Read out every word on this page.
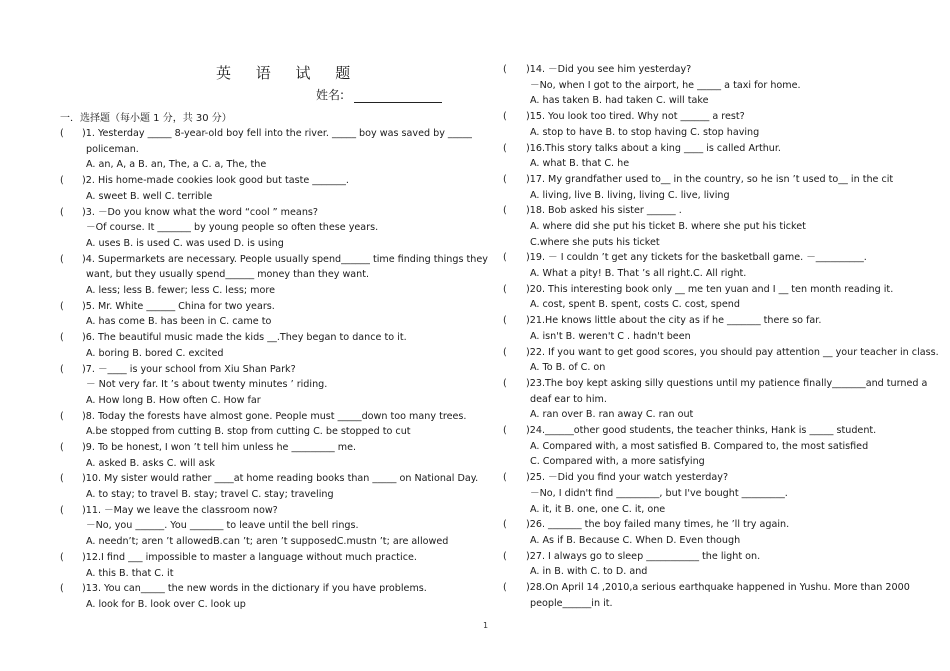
英 语 试 题
姓名:
一．选择题（每小题 1 分，共 30 分）
( )1. Yesterday _____ 8-year-old boy fell into the river. _____ boy was saved by _____
policeman.
A. an, A, a B. an, The, a C. a, The, the
( )2. His home-made cookies look good but taste _______.
A. sweet B. well C. terrible
( )3. －Do you know what the word “cool ” means?
－Of course. It _______ by young people so often these years.
A. uses B. is used C. was used D. is using
( )4. Supermarkets are necessary. People usually spend______ time finding things they
want, but they usually spend______ money than they want.
A. less; less B. fewer; less C. less; more
( )5. Mr. White ______ China for two years.
A. has come B. has been in C. came to
( )6. The beautiful music made the kids __.They began to dance to it.
A. boring B. bored C. excited
( )7. －____ is your school from Xiu Shan Park?
－ Not very far. It ’s about twenty minutes ’ riding.
A. How long B. How often C. How far
( )8. Today the forests have almost gone. People must _____down too many trees.
A.be stopped from cutting B. stop from cutting C. be stopped to cut
( )9. To be honest, I won ’t tell him unless he _________ me.
A. asked B. asks C. will ask
( )10. My sister would rather ____at home reading books than _____ on National Day.
A. to stay; to travel B. stay; travel C. stay; traveling
( )11. －May we leave the classroom now?
－No, you ______. You _______ to leave until the bell rings.
A. needn’t; aren ’t allowedB.can ’t; aren ’t supposedC.mustn ’t; are allowed
( )12.I find ___ impossible to master a language without much practice.
A. this B. that C. it
( )13. You can_____ the new words in the dictionary if you have problems.
A. look for B. look over C. look up
( )14. －Did you see him yesterday?
－No, when I got to the airport, he _____ a taxi for home.
A. has taken B. had taken C. will take
( )15. You look too tired. Why not ______ a rest?
A. stop to have B. to stop having C. stop having
( )16.This story talks about a king ____ is called Arthur.
A. what B. that C. he
( )17. My grandfather used to__ in the country, so he isn ’t used to__ in the cit
A. living, live B. living, living C. live, living
( )18. Bob asked his sister ______ .
A. where did she put his ticket B. where she put his ticket
C.where she puts his ticket
( )19. － I couldn ’t get any tickets for the basketball game. －__________.
A. What a pity! B. That ’s all right.C. All right.
( )20. This interesting book only __ me ten yuan and I __ ten month reading it.
A. cost, spent B. spent, costs C. cost, spend
( )21.He knows little about the city as if he _______ there so far.
A. isn't B. weren't C . hadn't been
( )22. If you want to get good scores, you should pay attention __ your teacher in class.
A. To B. of C. on
( )23.The boy kept asking silly questions until my patience finally_______and turned a
deaf ear to him.
A. ran over B. ran away C. ran out
( )24.______other good students, the teacher thinks, Hank is _____ student.
A. Compared with, a most satisfied B. Compared to, the most satisfied
C. Compared with, a more satisfying
( )25. －Did you find your watch yesterday?
－No, I didn't find _________, but I've bought _________.
A. it, it B. one, one C. it, one
( )26. _______ the boy failed many times, he ’ll try again.
A. As if B. Because C. When D. Even though
( )27. I always go to sleep ___________ the light on.
A. in B. with C. to D. and
( )28.On April 14 ,2010,a serious earthquake happened in Yushu. More than 2000
people______in it.
1
